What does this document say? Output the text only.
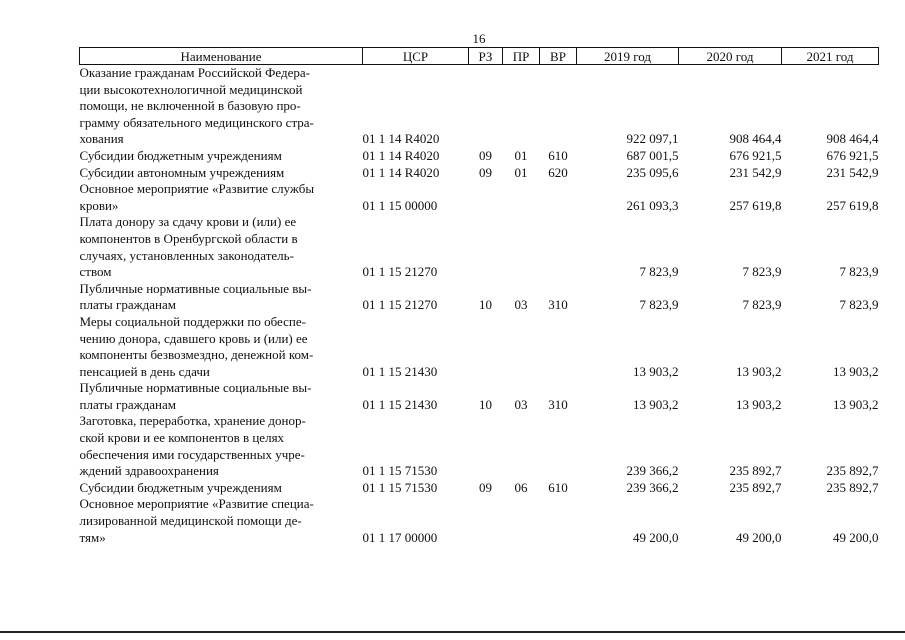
16
Наименование	ЦСР	РЗ	ПР	ВР	2019 год	2020 год	2021 год

Оказание гражданам Российской Федера-
ции высокотехнологичной медицинской
помощи, не включенной в базовую про-
грамму обязательного медицинского стра-
хования	01 1 14 R4020				922 097,1	908 464,4	908 464,4

Субсидии бюджетным учреждениям	01 1 14 R4020	09	01	610	687 001,5	676 921,5	676 921,5

Субсидии автономным учреждениям	01 1 14 R4020	09	01	620	235 095,6	231 542,9	231 542,9

Основное мероприятие «Развитие службы
крови»	01 1 15 00000				261 093,3	257 619,8	257 619,8

Плата донору за сдачу крови и (или) ее
компонентов в Оренбургской области в
случаях, установленных законодатель-
ством	01 1 15 21270				7 823,9	7 823,9	7 823,9

Публичные нормативные социальные вы-
платы гражданам	01 1 15 21270	10	03	310	7 823,9	7 823,9	7 823,9

Меры социальной поддержки по обеспе-
чению донора, сдавшего кровь и (или) ее
компоненты безвозмездно, денежной ком-
пенсацией в день сдачи	01 1 15 21430				13 903,2	13 903,2	13 903,2

Публичные нормативные социальные вы-
платы гражданам	01 1 15 21430	10	03	310	13 903,2	13 903,2	13 903,2

Заготовка, переработка, хранение донор-
ской крови и ее компонентов в целях
обеспечения ими государственных учре-
ждений здравоохранения	01 1 15 71530				239 366,2	235 892,7	235 892,7

Субсидии бюджетным учреждениям	01 1 15 71530	09	06	610	239 366,2	235 892,7	235 892,7

Основное мероприятие «Развитие специа-
лизированной медицинской помощи де-
тям»	01 1 17 00000				49 200,0	49 200,0	49 200,0
